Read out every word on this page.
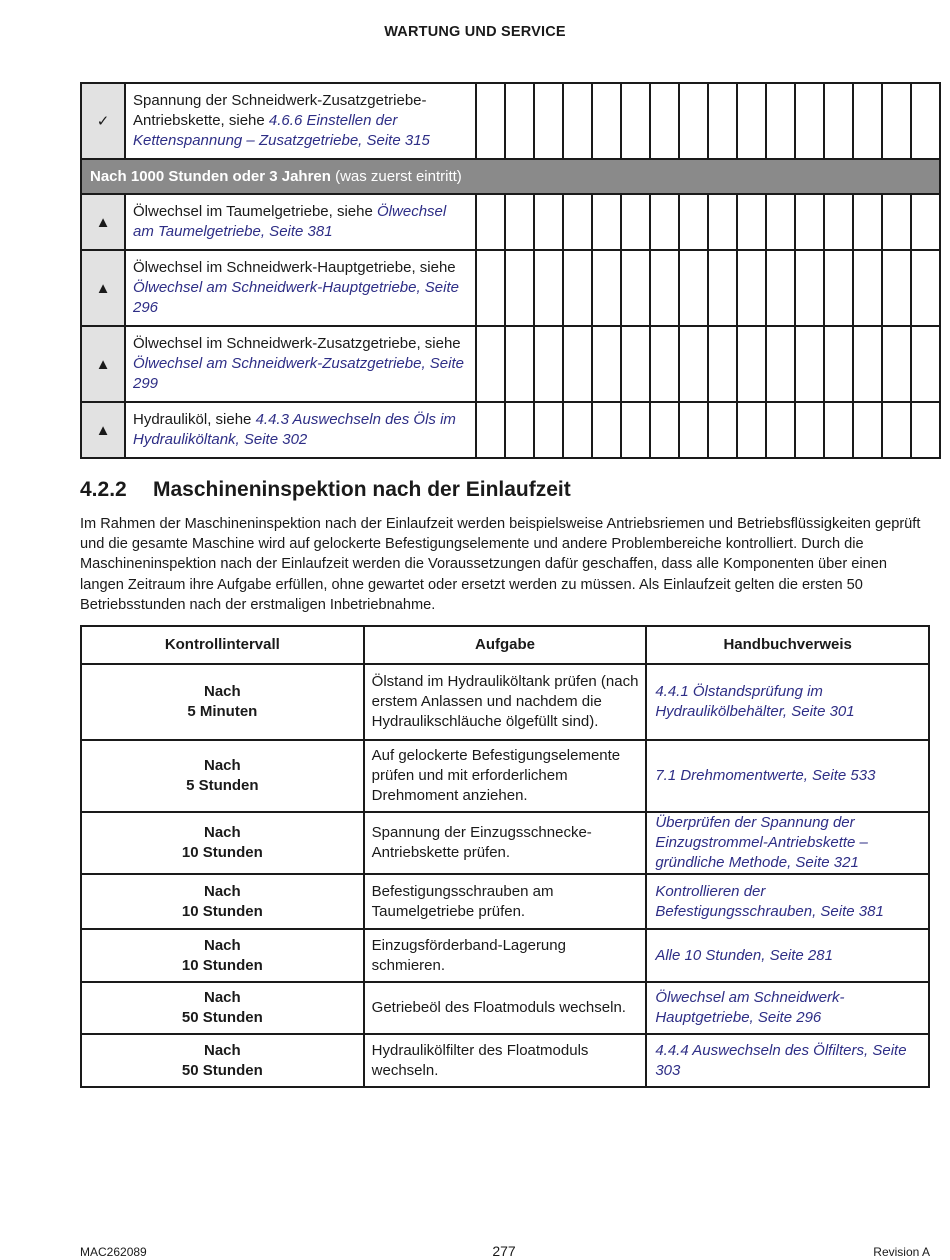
WARTUNG UND SERVICE
✓	Spannung der Schneidwerk-Zusatzgetriebe-Antriebskette, siehe 4.6.6 Einstellen der Kettenspannung – Zusatzgetriebe, Seite 315																
Nach 1000 Stunden oder 3 Jahren (was zuerst eintritt)																	
▲	Ölwechsel im Taumelgetriebe, siehe Ölwechsel am Taumelgetriebe, Seite 381																
▲	Ölwechsel im Schneidwerk-Hauptgetriebe, siehe Ölwechsel am Schneidwerk-Hauptgetriebe, Seite 296																
▲	Ölwechsel im Schneidwerk-Zusatzgetriebe, siehe Ölwechsel am Schneidwerk-Zusatzgetriebe, Seite 299																
▲	Hydrauliköl, siehe 4.4.3 Auswechseln des Öls im Hydrauliköltank, Seite 302																
4.2.2 Maschineninspektion nach der Einlaufzeit
Im Rahmen der Maschineninspektion nach der Einlaufzeit werden beispielsweise Antriebsriemen und Betriebsflüssigkeiten geprüft und die gesamte Maschine wird auf gelockerte Befestigungselemente und andere Problembereiche kontrolliert. Durch die Maschineninspektion nach der Einlaufzeit werden die Voraussetzungen dafür geschaffen, dass alle Komponenten über einen langen Zeitraum ihre Aufgabe erfüllen, ohne gewartet oder ersetzt werden zu müssen. Als Einlaufzeit gelten die ersten 50 Betriebsstunden nach der erstmaligen Inbetriebnahme.
Kontrollintervall	Aufgabe	Handbuchverweis

Nach
5 Minuten	Ölstand im Hydrauliköltank prüfen (nach erstem Anlassen und nachdem die Hydraulikschläuche ölgefüllt sind).	4.4.1 Ölstandsprüfung im Hydraulikölbehälter, Seite 301

Nach
5 Stunden	Auf gelockerte Befestigungselemente prüfen und mit erforderlichem Drehmoment anziehen.	7.1 Drehmomentwerte, Seite 533

Nach
10 Stunden	Spannung der Einzugsschnecke-Antriebskette prüfen.	Überprüfen der Spannung der Einzugstrommel-Antriebskette – gründliche Methode, Seite 321

Nach
10 Stunden	Befestigungsschrauben am Taumelgetriebe prüfen.	Kontrollieren der Befestigungsschrauben, Seite 381

Nach
10 Stunden	Einzugsförderband-Lagerung schmieren.	Alle 10 Stunden, Seite 281

Nach
50 Stunden	Getriebeöl des Floatmoduls wechseln.	Ölwechsel am Schneidwerk-Hauptgetriebe, Seite 296

Nach
50 Stunden	Hydraulikölfilter des Floatmoduls wechseln.	4.4.4 Auswechseln des Ölfilters, Seite 303
MAC262089	277	Revision A
